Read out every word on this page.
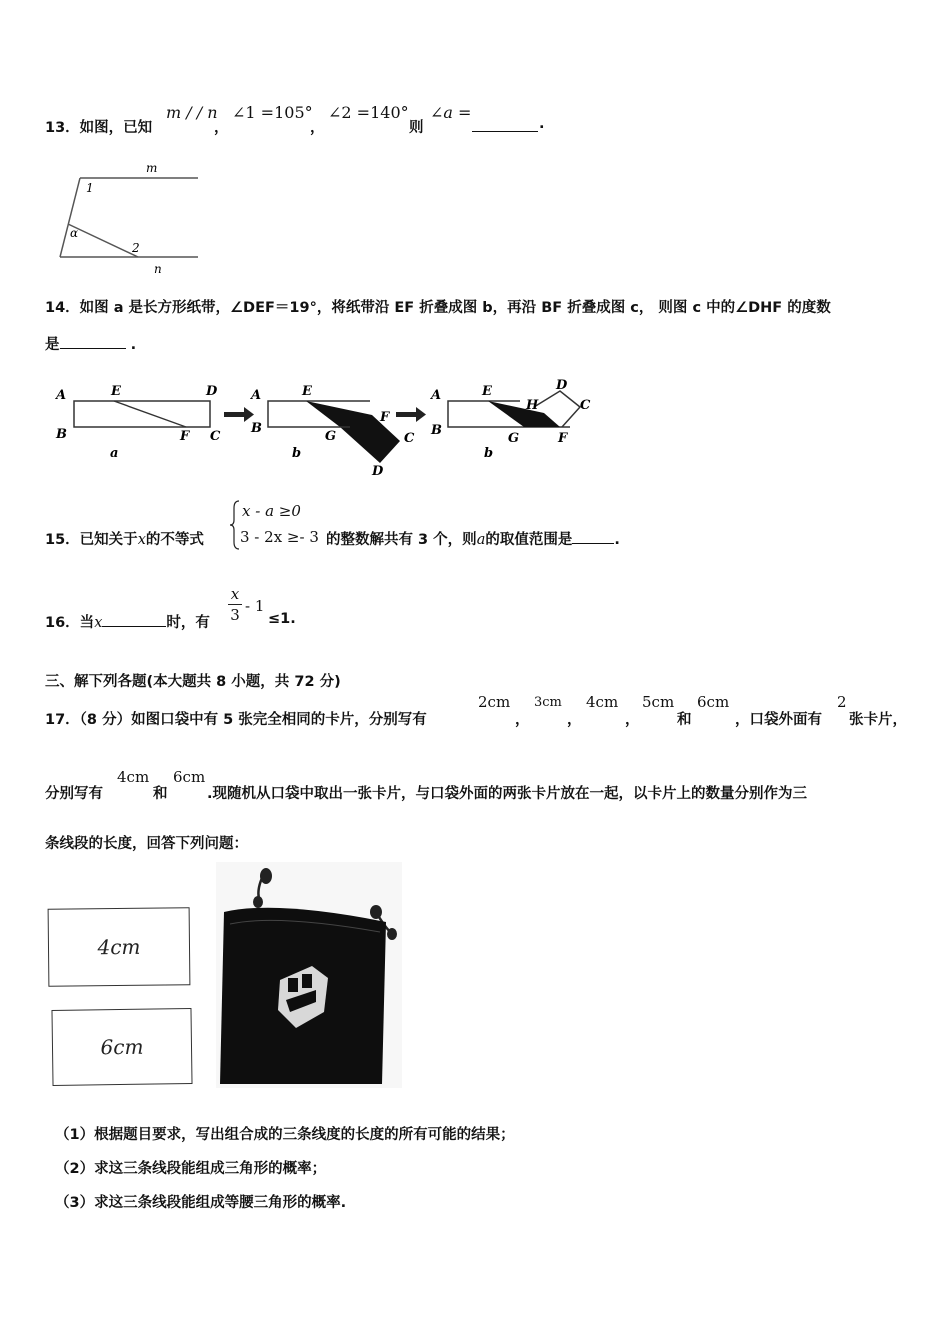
13．如图，已知
m / / n
，
∠1 =105°
，
∠2 =140°
则
∠a =
.
m
n
1
2
α
14．如图 a 是长方形纸带，∠DEF＝19°，将纸带沿 EF 折叠成图 b，再沿 BF 折叠成图 c， 则图 c 中的∠DHF 的度数
是	.
A
B
E	D
F C
a
A
B
E
F
G	C
D
b
A
B
E
H
D
C
G	F
b
15．已知关于x的不等式
x - a ≥0
3 - 2x ≥- 3 的整数解共有 3 个，则a的取值范围是	.
16．当x	时，有
x
3 - 1
≤1.
三、解下列各题(本大题共 8 小题，共 72 分)
17．（8 分）如图口袋中有 5 张完全相同的卡片，分别写有
2cm
，
3cm
，
4cm
，
5cm
和
6cm
，口袋外面有
2
张卡片，
分别写有
4cm
和
6cm
.现随机从口袋中取出一张卡片，与口袋外面的两张卡片放在一起，以卡片上的数量分别作为三
条线段的长度，回答下列问题：
4cm
6cm
（1）根据题目要求，写出组合成的三条线度的长度的所有可能的结果；
（2）求这三条线段能组成三角形的概率；
（3）求这三条线段能组成等腰三角形的概率.
